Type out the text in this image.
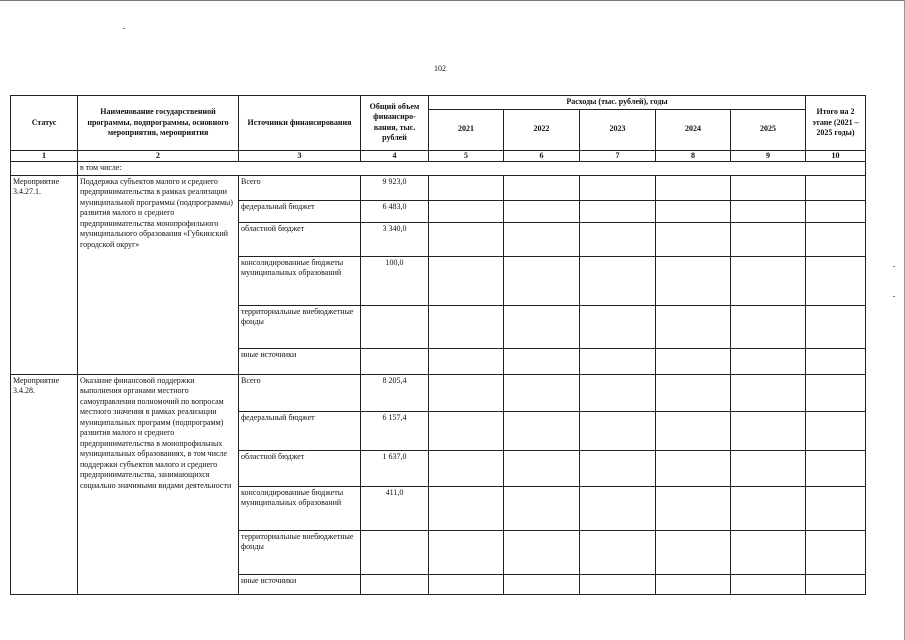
102
Статус	Наименование государственной программы, подпрограммы, основного мероприятия, мероприятия	Источники финансирования	Общий объем финансиро-вания, тыс. рублей	Расходы (тыс. рублей), годы					Итого на 2 этапе (2021 – 2025 годы)
				2021	2022	2023	2024	2025	
1	2	3	4	5	6	7	8	9	10
	в том числе:								
Мероприятие 3.4.27.1.	Поддержка субъектов малого и среднего предпринимательства в рамках реализации муниципальной программы (подпрограммы) развития малого и среднего предпринимательства монопрофильного муниципального образования «Губкинский городской округ»	Всего	9 923,0						
		федеральный бюджет	6 483,0						
		областной бюджет	3 340,0						
		консолидированные бюджеты муниципальных образований	100,0						
		территориальные внебюджетные фонды							
		иные источники							
Мероприятие 3.4.28.	Оказание финансовой поддержки выполнения органами местного самоуправления полномочий по вопросам местного значения в рамках реализации муниципальных программ (подпрограмм) развития малого и среднего предпринимательства в монопрофильных муниципальных образованиях, в том числе поддержки субъектов малого и среднего предпринимательства, занимающихся социально значимыми видами деятельности	Всего	8 205,4						
		федеральный бюджет	6 157,4						
		областной бюджет	1 637,0						
		консолидированные бюджеты муниципальных образований	411,0						
		территориальные внебюджетные фонды							
		иные источники							
